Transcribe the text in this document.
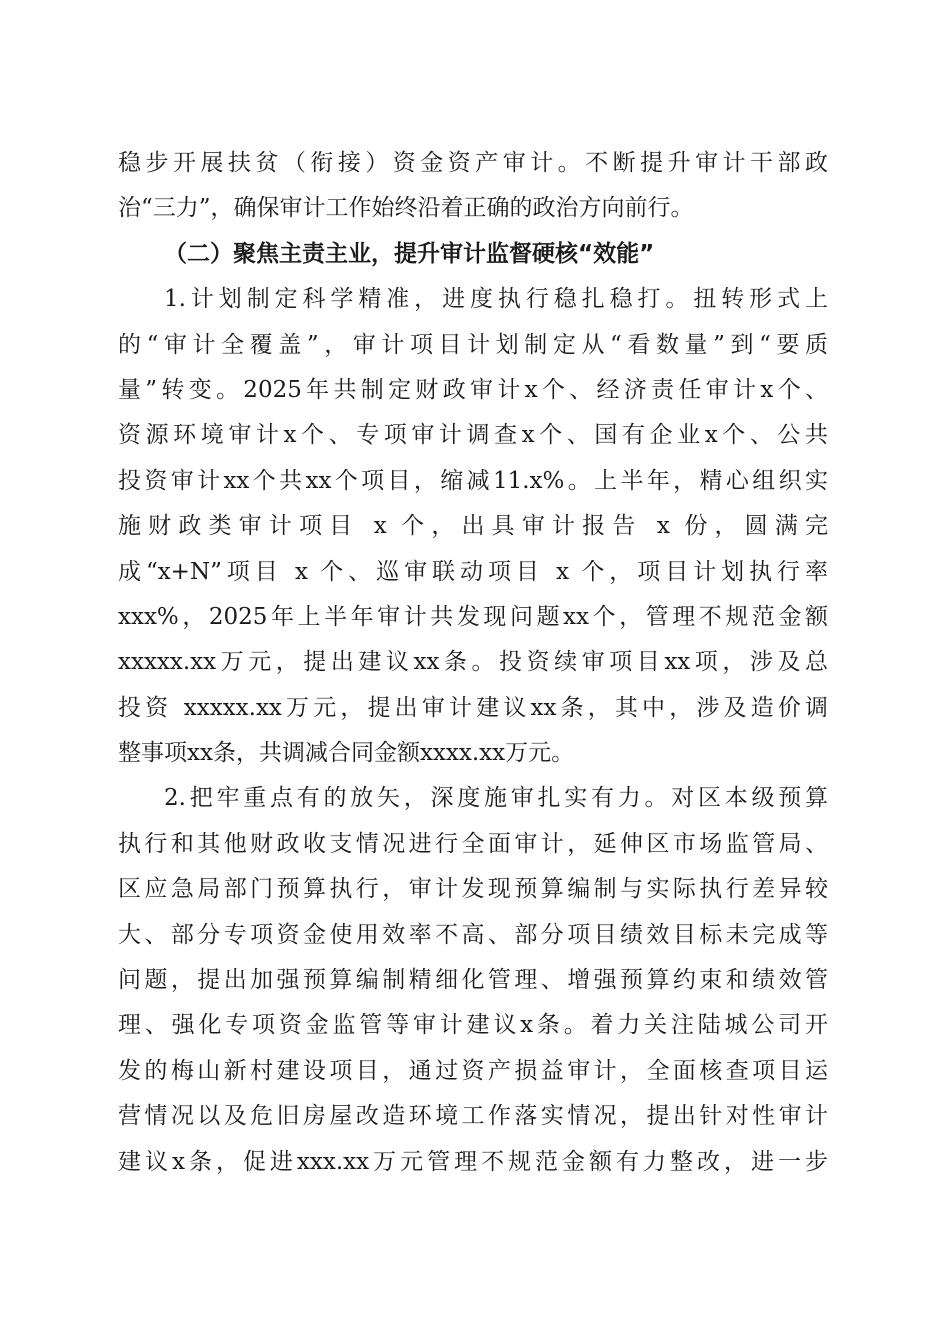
稳步开展扶贫（衔接）资金资产审计。不断提升审计干部政
治“三力”，确保审计工作始终沿着正确的政治方向前行。
（二）聚焦主责主业，提升审计监督硬核“效能”
1.计划制定科学精准，进度执行稳扎稳打。扭转形式上
的“审计全覆盖”，审计项目计划制定从“看数量”到“要质
量”转变。2025年共制定财政审计x个、经济责任审计x个、
资源环境审计x个、专项审计调查x个、国有企业x个、公共
投资审计xx个共xx个项目，缩减11.x%。上半年，精心组织实
施财政类审计项目 x 个，出具审计报告 x 份，圆满完
成“x+N”项目 x 个、巡审联动项目 x 个，项目计划执行率
xxx%，2025年上半年审计共发现问题xx个，管理不规范金额
xxxxx.xx万元，提出建议xx条。投资续审项目xx项，涉及总
投资 xxxxx.xx万元，提出审计建议xx条，其中，涉及造价调
整事项xx条，共调减合同金额xxxx.xx万元。
2.把牢重点有的放矢，深度施审扎实有力。对区本级预算
执行和其他财政收支情况进行全面审计，延伸区市场监管局、
区应急局部门预算执行，审计发现预算编制与实际执行差异较
大、部分专项资金使用效率不高、部分项目绩效目标未完成等
问题，提出加强预算编制精细化管理、增强预算约束和绩效管
理、强化专项资金监管等审计建议x条。着力关注陆城公司开
发的梅山新村建设项目，通过资产损益审计，全面核查项目运
营情况以及危旧房屋改造环境工作落实情况，提出针对性审计
建议x条，促进xxx.xx万元管理不规范金额有力整改，进一步
